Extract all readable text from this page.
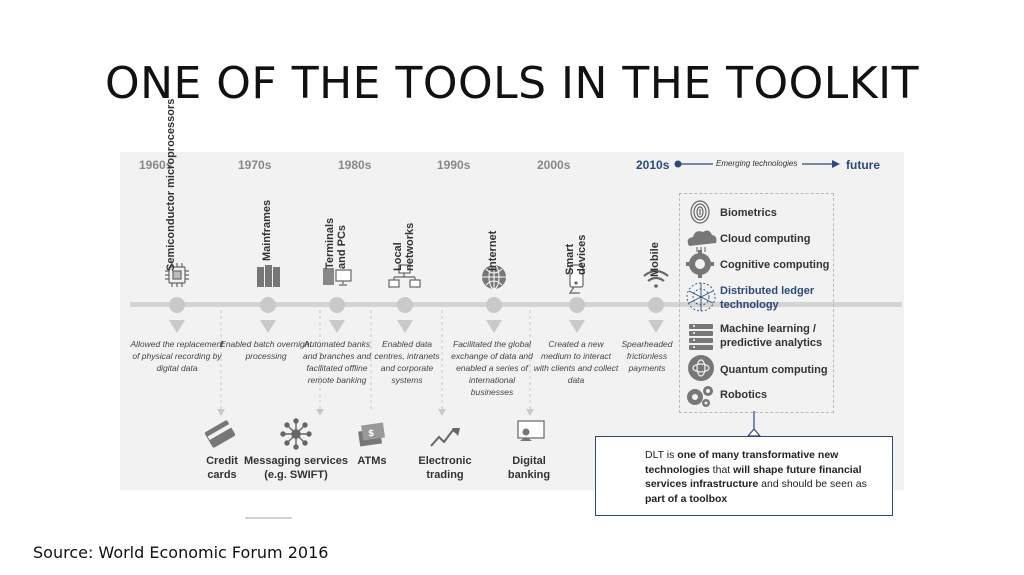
ONE OF THE TOOLS IN THE TOOLKIT
1960s	1970s	1980s	1990s	2000s	2010s	Emerging technologies	future
$
Semiconductor microprocessors	Mainframes	Terminals and PCs	Local networks	Internet	Smart devices	Mobile
Allowed the replacement of physical recording by digital data
Enabled batch overnight processing
Automated banks and branches and facilitated offline remote banking
Enabled data centres, intranets and corporate systems
Facilitated the global exchange of data and enabled a series of international businesses
Created a new medium to interact with clients and collect data
Spearheaded frictionless payments
Credit cards
Messaging services (e.g. SWIFT)
ATMs	Electronic trading
Digital banking
Biometrics
Cloud computing
Cognitive computing
Distributed ledger technology
Machine learning / predictive analytics
Quantum computing
Robotics
DLT is one of many transformative new technologies that will shape future financial services infrastructure and should be seen as part of a toolbox
Source: World Economic Forum 2016
